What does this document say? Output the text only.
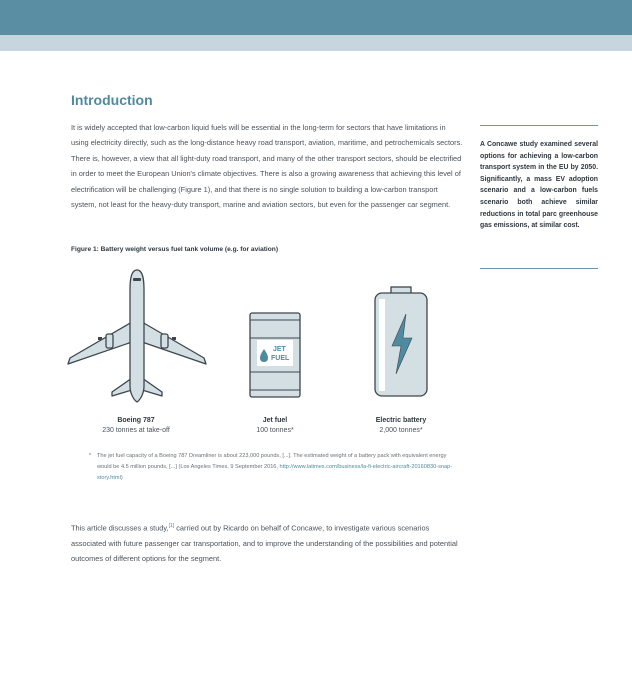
Introduction

It is widely accepted that low-carbon liquid fuels will be essential in the long-term for sectors that have limitations in using electricity directly, such as the long-distance heavy road transport, aviation, maritime, and petrochemicals sectors. There is, however, a view that all light-duty road transport, and many of the other transport sectors, should be electrified in order to meet the European Union's climate objectives. There is also a growing awareness that achieving this level of electrification will be challenging (Figure 1), and that there is no single solution to building a low-carbon transport system, not least for the heavy-duty transport, marine and aviation sectors, but even for the passenger car segment.

A Concawe study examined several options for achieving a low-carbon transport system in the EU by 2050. Significantly, a mass EV adoption scenario and a low-carbon fuels scenario both achieve similar reductions in total parc greenhouse gas emissions, at similar cost.

Figure 1: Battery weight versus fuel tank volume (e.g. for aviation)

JET
FUEL
Boeing 787
230 tonnes at take-off
Jet fuel
100 tonnes*
Electric battery
2,000 tonnes*

* The jet fuel capacity of a Boeing 787 Dreamliner is about 223,000 pounds, [...]. The estimated weight of a battery pack with equivalent energy would be 4.5 million pounds, [...] (Los Angeles Times, 9 September 2016, http://www.latimes.com/business/la-fi-electric-aircraft-20160830-snap-story.html)

This article discusses a study,[1] carried out by Ricardo on behalf of Concawe, to investigate various scenarios associated with future passenger car transportation, and to improve the understanding of the possibilities and potential outcomes of different options for the segment.
